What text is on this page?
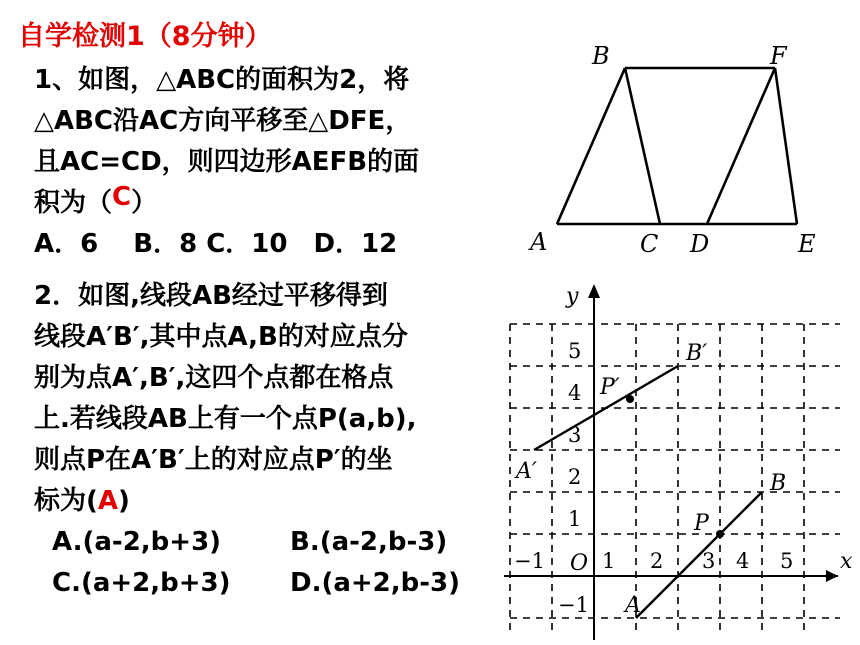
自学检测1（8分钟）
1、如图，△ABC的面积为2，将
△ABC沿AC方向平移至△DFE，
且AC=CD，则四边形AEFB的面
积为（C）
A．6　 B．8 C．10　D．12
2．如图,线段AB经过平移得到
线段A′B′,其中点A,B的对应点分
别为点A′,B′,这四个点都在格点
上.若线段AB上有一个点P(a,b),
则点P在A′B′上的对应点P′的坐
标为(A)
A.(a-2,b+3)	B.(a-2,b-3)
C.(a+2,b+3) D.(a+2,b-3)
B	F
A	C D	E
y
x
O
A
B
P
A′
B′
P′
−1	1 2 3 4 5
5
4
3
2
1
−1
